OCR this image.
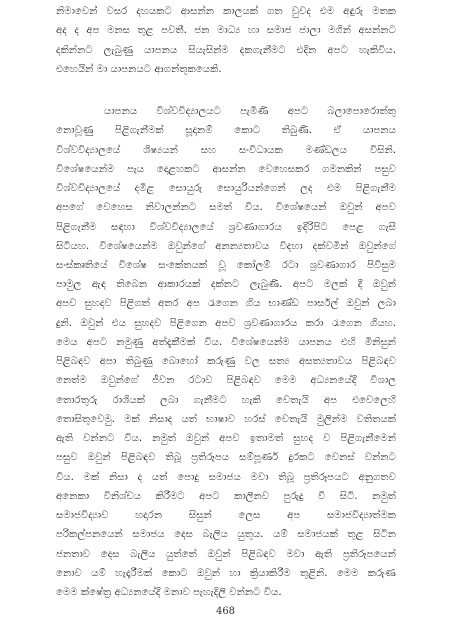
නිමාවෙන් වසර දහයකට ආසන්න කාලයක් ගත වුවද එම අඳුරු මතක
අද ද අප මනස තුළ පවතී. ජන මාධ්‍ය හා සමාජ ජාලා මගින් අසන්නට
දකින්නට ලැබුණු යාපනය සියැසින්ම දකගැනීමට එදින අපට හැකිවිය.
එහෙයින් මා යාපනයට ආගන්තුකයෙකි.
යාපනය විශ්වවිද්‍යාලයට පැමිණි අපට බලාපොරොත්තු
නොවූණු පිළිගැනීමක් සූදානම් කොට තිබුණි. ඒ යාපනය
විශ්වවිද්‍යාලයේ ශිෂ්‍යයන් සහ සංවිධායක මණ්ඩලය විසිනි.
විශේෂයෙන්ම පැය දොළහකට ආසන්න වෙහෙසකර ගමනකින් පසුව
විශ්වවිද්‍යාලයේ දමිළ සොයුරු සොයුරියන්ගෙන් ලද එම පිළිගැනීම
අපගේ වෙහෙස නිවාලන්නට සමත් විය. විශේෂයෙන් ඔවුන් අපව
පිළිගැනීම සඳහා විශ්වවිද්‍යාලයේ ශ්‍රවණාගාරය ඉදිරිපිට පෙළ ගැසී
සිටියහ. විශේෂයෙන්ම ඔවුන්ගේ අනන්‍යතාවය විදහා දක්වමින් ඔවුන්ගේ
සංස්කෘතියේ විශේෂ සංකේතයක් වූ කෝලම් රටා ශ්‍රවණාගාර පිවිසුම
පාමුල ඇඳ තිබෙන ආකාරයක් දක්නට ලැබුණි. අපට මලක් දී ඔවුන්
අපව සුහදව පිළිගත් අතර අප රැගෙන ගිය භාණ්ඩ පාර්සල් ඔවුන් ලබා
දුනි. ඔවුන් එය සුහදව පිළිගෙන අපව ශ්‍රවණාගාරය කරා රැගෙන ගියහ.
මෙය අපට නමුණු අත්දැකීමක් විය. විශේෂයෙන්ම යාපනය එහි මිනිසුන්
පිළිබඳව අපා තිබුණු බොහෝ කරුණු වල සත්‍ය අසත්‍යතාවය පිළිබඳව
නෙත්ම ඔවුන්ගේ ජීවන රටාව පිළිබඳව මෙම අධ්‍යනයේදී විශාල
තොරතුරු රාශියක් ලබා ගැනීමට හැකි වෙතැයි අප එවෙලෙහි
තොසිතුවෙමු. මක් නිසාද යත් භාෂාව හරස් වෙතැයි මුලින්ම වතිතයක්
ඇති වන්නට විය. නමුත් ඔවුන් අපව ඉතාමත් සුහද ව පිළිගැනීමෙන්
පසුව ඔවුන් පිළිබඳව තිබූ ප්‍රතිරූපය සම්පූර්ණ දුරකට වෙනස් වන්නට
විය. මක් නිසා ද යත් පොදු සමාජය මවා තිබූ ප්‍රතිරූපයට අනුගතව
අනෙකා විනිශ්චය කිරීමට අපට කාලීනව පුරුදු වී සිටි. නමුත්
සමාජවිද්‍යාව හදාරන සිසුන් ලෙස අප සමාජවිද්‍යාත්මක
පරිකල්පනයෙන් සමාජය දෙස බැලිය යුතුය. යම් සමාජයක් තුළ සිටින
ජනතාව දෙස බැලිය යුත්තේ ඔවුන් පිළිබඳව මවා ඇති ප්‍රතිරූපයෙන්
නොව යම් හැදෑරීමක් කොට ඔවුන් හා ක්‍රියාකිරීම තුළිනි. මෙම කරුණ
මෙම ක්ෂේත්‍ර අධ්‍යනයේදී මනාව පැහැදිලි වන්නට විය.
468
